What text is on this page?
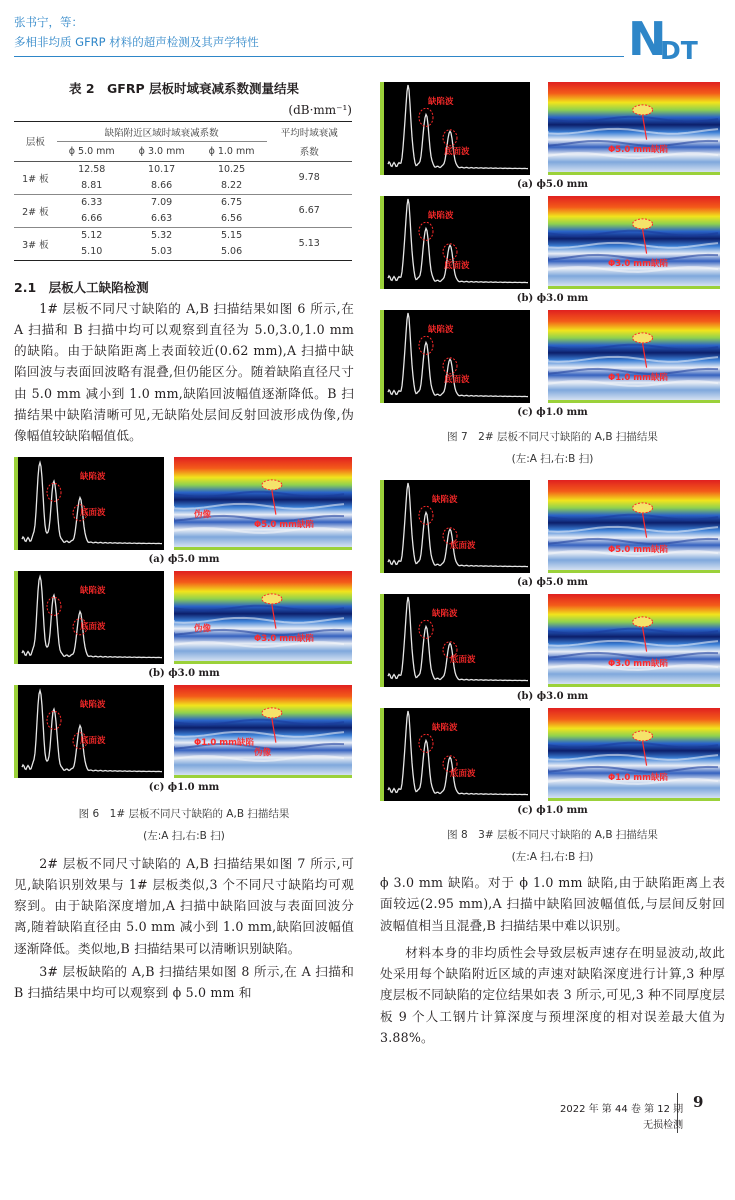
张书宁，等：
多相非均质 GFRP 材料的超声检测及其声学特性	N
DT
表 2　GFRP 层板时域衰减系数测量结果
(dB·mm⁻¹)
层板	缺陷附近区域时域衰减系数			平均时域衰减
	ϕ 5.0 mm	ϕ 3.0 mm	ϕ 1.0 mm	系数
1# 板	12.58	10.17	10.25	9.78
	8.81	8.66	8.22	
2# 板	6.33	7.09	6.75	6.67
	6.66	6.63	6.56	
3# 板	5.12	5.32	5.15	5.13
	5.10	5.03	5.06	
2.1　层板人工缺陷检测

1# 层板不同尺寸缺陷的 A,B 扫描结果如图 6 所示,在 A 扫描和 B 扫描中均可以观察到直径为 5.0,3.0,1.0 mm 的缺陷。由于缺陷距离上表面较近(0.62 mm),A 扫描中缺陷回波与表面回波略有混叠,但仍能区分。随着缺陷直径尺寸由 5.0 mm 减小到 1.0 mm,缺陷回波幅值逐渐降低。B 扫描结果中缺陷清晰可见,无缺陷处层间反射回波形成伪像,伪像幅值较缺陷幅值低。

缺陷波
底面波	伪像
Φ5.0 mm缺陷
(a) ϕ5.0 mm
缺陷波
底面波	伪像
Φ3.0 mm缺陷
(b) ϕ3.0 mm
缺陷波
底面波	Φ1.0 mm缺陷
伪像
(c) ϕ1.0 mm
图 6　1# 层板不同尺寸缺陷的 A,B 扫描结果
(左:A 扫,右:B 扫)

2# 层板不同尺寸缺陷的 A,B 扫描结果如图 7 所示,可见,缺陷识别效果与 1# 层板类似,3 个不同尺寸缺陷均可观察到。由于缺陷深度增加,A 扫描中缺陷回波与表面回波分离,随着缺陷直径由 5.0 mm 减小到 1.0 mm,缺陷回波幅值逐渐降低。类似地,B 扫描结果可以清晰识别缺陷。

3# 层板缺陷的 A,B 扫描结果如图 8 所示,在 A 扫描和 B 扫描结果中均可以观察到 ϕ 5.0 mm 和

缺陷波
底面波	Φ5.0 mm缺陷
(a) ϕ5.0 mm
缺陷波
底面波	Φ3.0 mm缺陷
(b) ϕ3.0 mm
缺陷波
底面波	Φ1.0 mm缺陷
(c) ϕ1.0 mm
图 7　2# 层板不同尺寸缺陷的 A,B 扫描结果
(左:A 扫,右:B 扫)
缺陷波
底面波	Φ5.0 mm缺陷
(a) ϕ5.0 mm
缺陷波
底面波	Φ3.0 mm缺陷
(b) ϕ3.0 mm
缺陷波
底面波	Φ1.0 mm缺陷
(c) ϕ1.0 mm
图 8　3# 层板不同尺寸缺陷的 A,B 扫描结果
(左:A 扫,右:B 扫)

ϕ 3.0 mm 缺陷。对于 ϕ 1.0 mm 缺陷,由于缺陷距离上表面较远(2.95 mm),A 扫描中缺陷回波幅值低,与层间反射回波幅值相当且混叠,B 扫描结果中难以识别。

材料本身的非均质性会导致层板声速存在明显波动,故此处采用每个缺陷附近区域的声速对缺陷深度进行计算,3 种厚度层板不同缺陷的定位结果如表 3 所示,可见,3 种不同厚度层板 9 个人工钢片计算深度与预埋深度的相对误差最大值为 3.88%。

9
2022 年 第 44 卷 第 12 期
无损检测
